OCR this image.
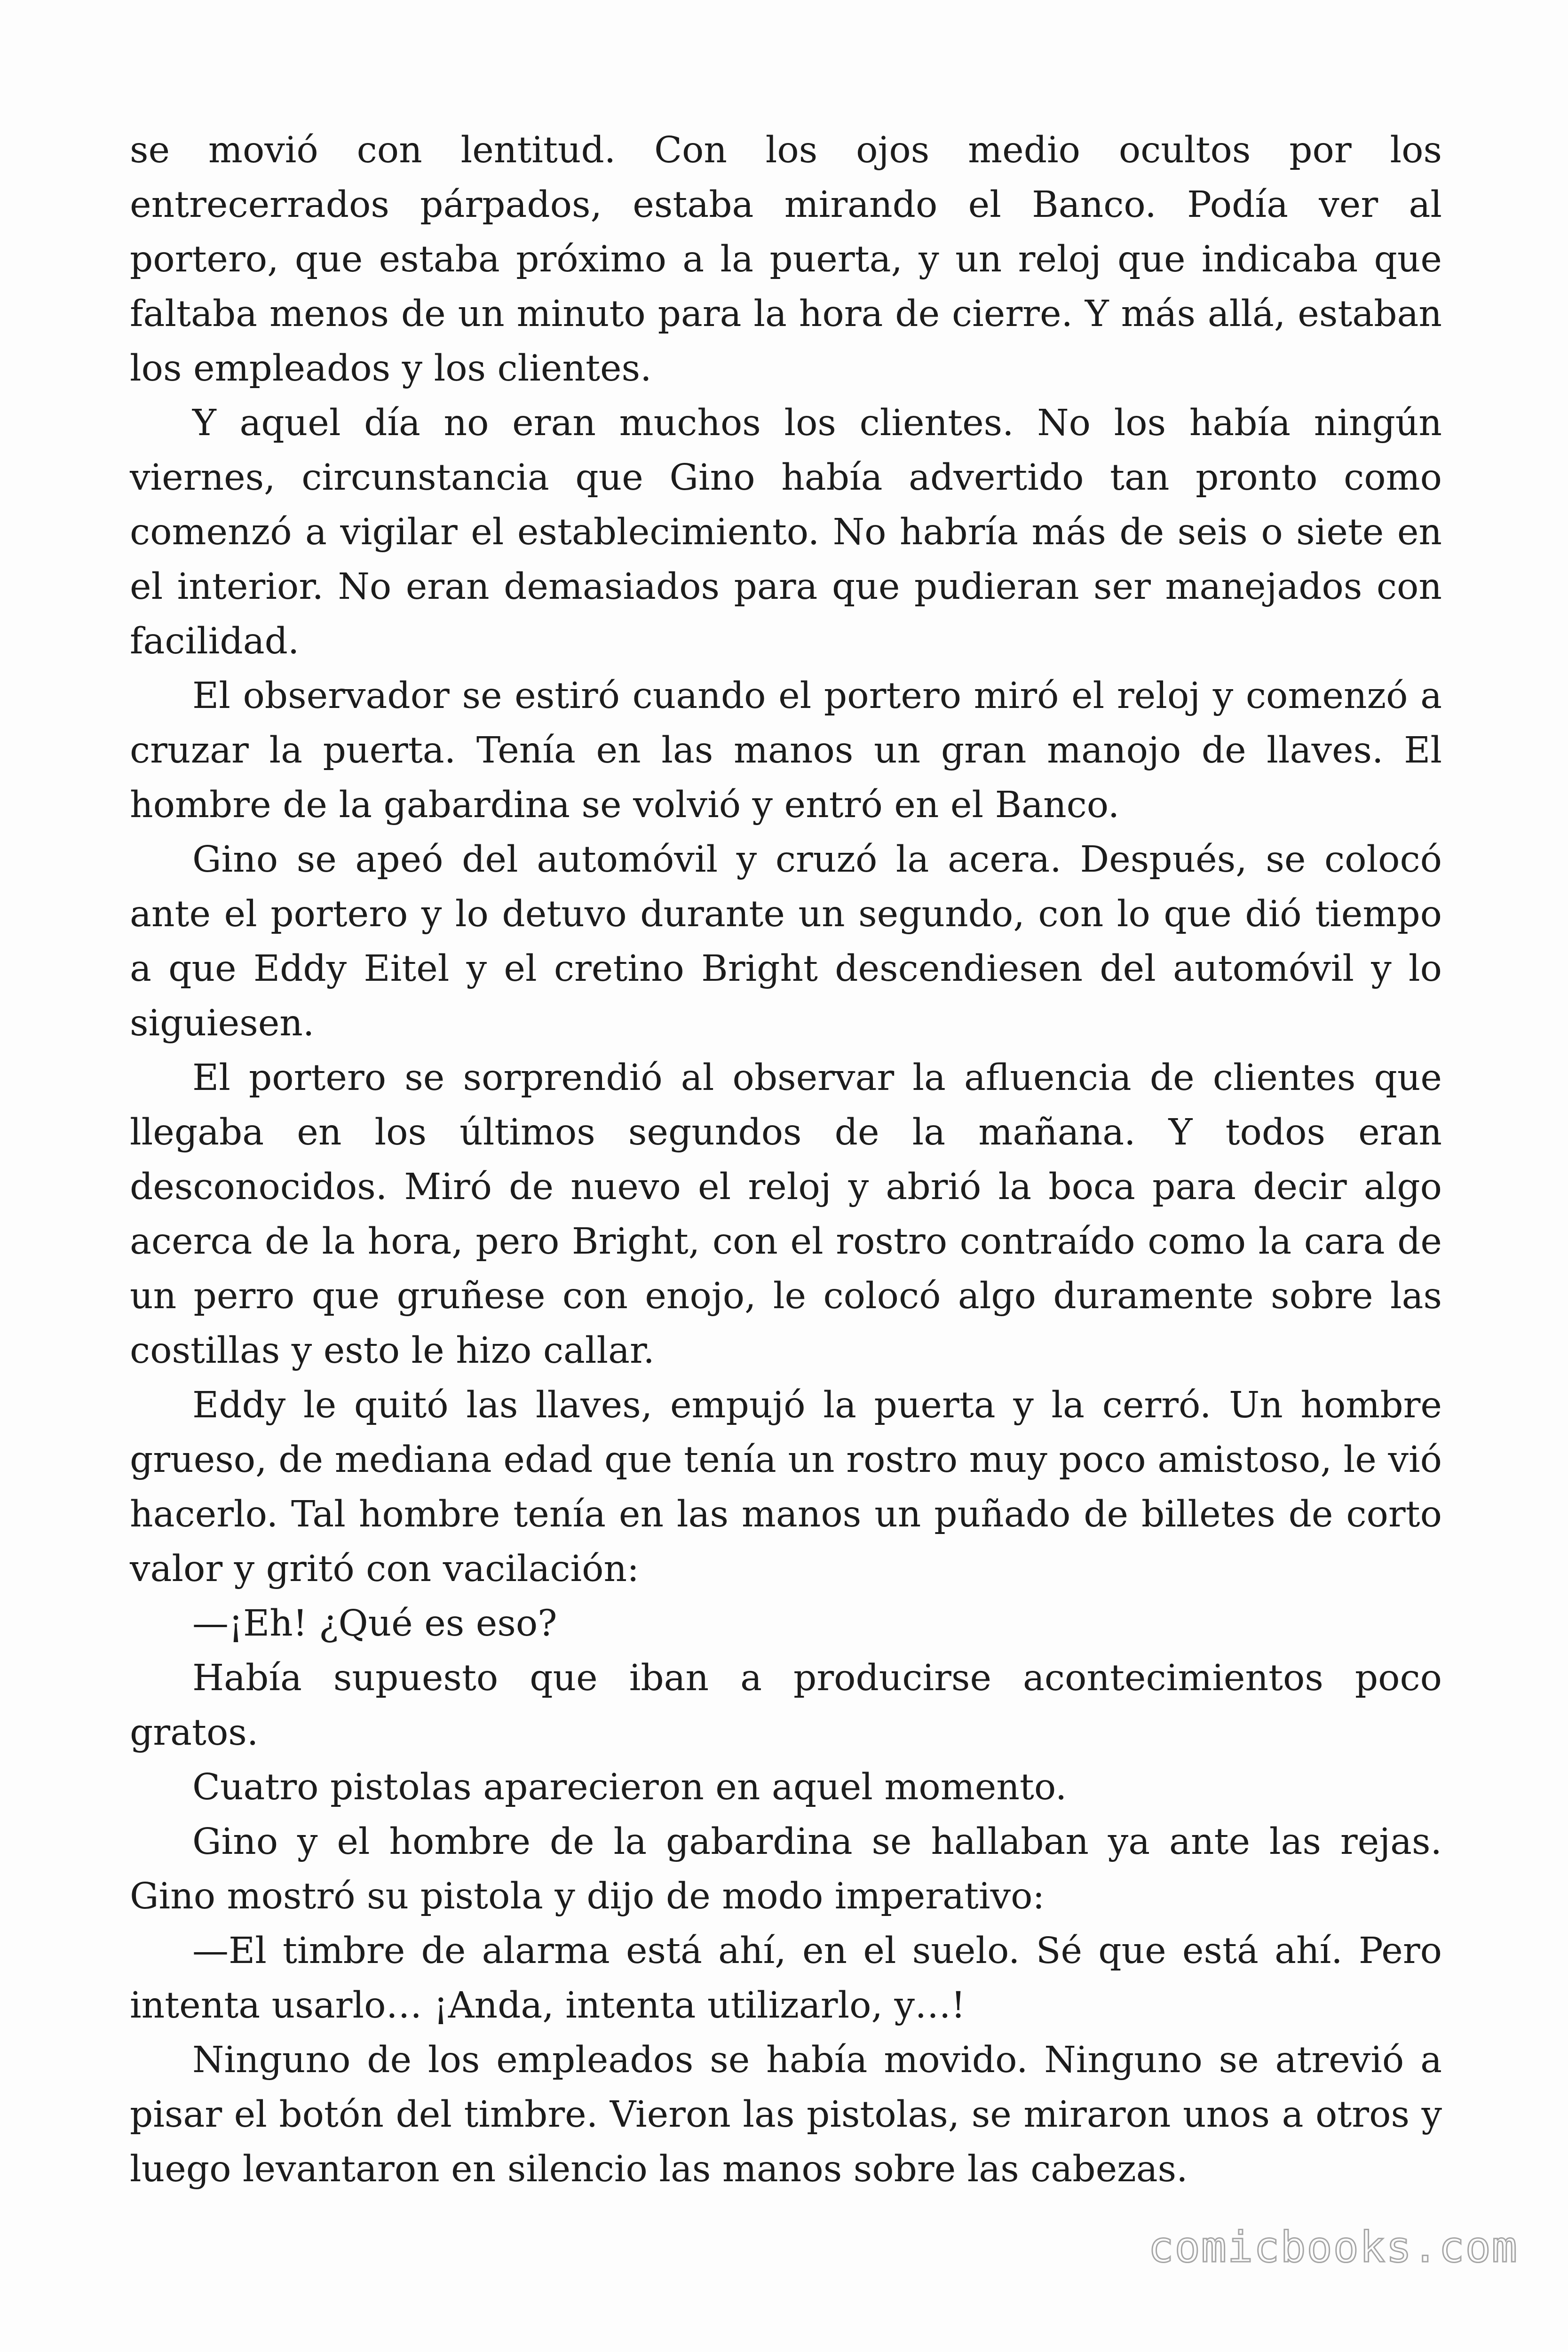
se movió con lentitud. Con los ojos medio ocultos por los entrecerrados párpados, estaba mirando el Banco. Podía ver al portero, que estaba próximo a la puerta, y un reloj que indicaba que faltaba menos de un minuto para la hora de cierre. Y más allá, estaban los empleados y los clientes.

Y aquel día no eran muchos los clientes. No los había ningún viernes, circunstancia que Gino había advertido tan pronto como comenzó a vigilar el establecimiento. No habría más de seis o siete en el interior. No eran demasiados para que pudieran ser manejados con facilidad.

El observador se estiró cuando el portero miró el reloj y comenzó a cruzar la puerta. Tenía en las manos un gran manojo de llaves. El hombre de la gabardina se volvió y entró en el Banco.

Gino se apeó del automóvil y cruzó la acera. Después, se colocó ante el portero y lo detuvo durante un segundo, con lo que dió tiempo a que Eddy Eitel y el cretino Bright descendiesen del automóvil y lo siguiesen.

El portero se sorprendió al observar la afluencia de clientes que llegaba en los últimos segundos de la mañana. Y todos eran desconocidos. Miró de nuevo el reloj y abrió la boca para decir algo acerca de la hora, pero Bright, con el rostro contraído como la cara de un perro que gruñese con enojo, le colocó algo duramente sobre las costillas y esto le hizo callar.

Eddy le quitó las llaves, empujó la puerta y la cerró. Un hombre grueso, de mediana edad que tenía un rostro muy poco amistoso, le vió hacerlo. Tal hombre tenía en las manos un puñado de billetes de corto valor y gritó con vacilación:

—¡Eh! ¿Qué es eso?

Había supuesto que iban a producirse acontecimientos poco gratos.

Cuatro pistolas aparecieron en aquel momento.

Gino y el hombre de la gabardina se hallaban ya ante las rejas. Gino mostró su pistola y dijo de modo imperativo:

—El timbre de alarma está ahí, en el suelo. Sé que está ahí. Pero intenta usarlo… ¡Anda, intenta utilizarlo, y…!

Ninguno de los empleados se había movido. Ninguno se atrevió a pisar el botón del timbre. Vieron las pistolas, se miraron unos a otros y luego levantaron en silencio las manos sobre las cabezas.

comicbooks.com
